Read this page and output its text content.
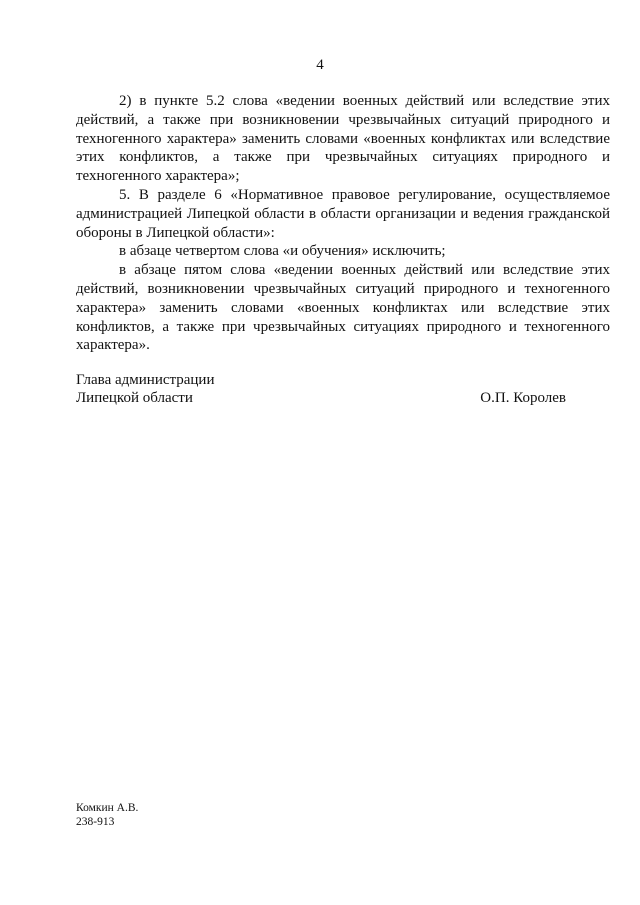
4

2) в пункте 5.2 слова «ведении военных действий или вследствие этих действий, а также при возникновении чрезвычайных ситуаций природного и техногенного характера» заменить словами «военных конфликтах или вследствие этих конфликтов, а также при чрезвычайных ситуациях природного и техногенного характера»;

5. В разделе 6 «Нормативное правовое регулирование, осуществляемое администрацией Липецкой области в области организации и ведения гражданской обороны в Липецкой области»:

в абзаце четвертом слова «и обучения» исключить;

в абзаце пятом слова «ведении военных действий или вследствие этих действий, возникновении чрезвычайных ситуаций природного и техногенного характера» заменить словами «военных конфликтах или вследствие этих конфликтов, а также при чрезвычайных ситуациях природного и техногенного характера».

Глава администрации

Липецкой области	О.П. Королев

Комкин А.В.
238-913
